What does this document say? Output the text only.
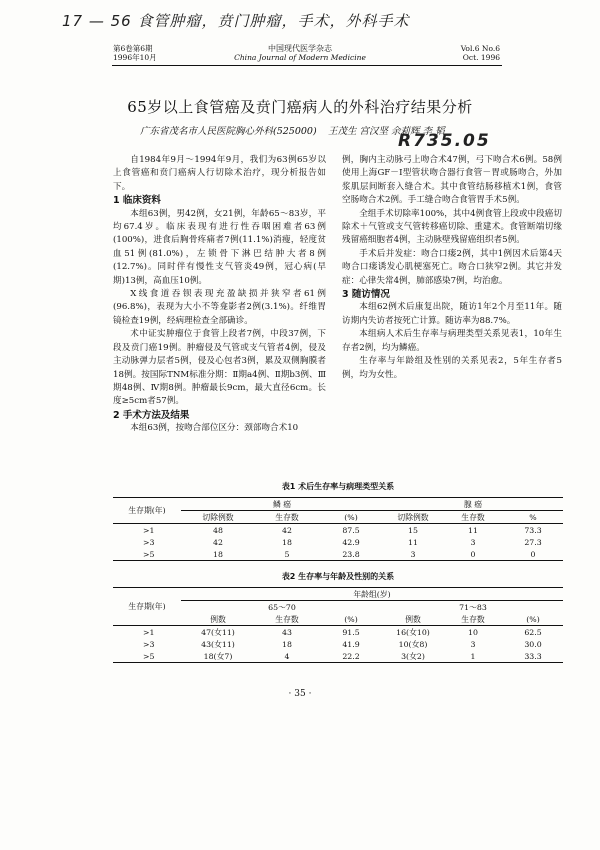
17 — 56 食管肿瘤，贲门肿瘤，手术，外科手术
R735.05
第6卷第6期
1996年10月
中国现代医学杂志
China Journal of Modern Medicine
Vol.6 No.6
Oct. 1996
65岁以上食管癌及贲门癌病人的外科治疗结果分析
广东省茂名市人民医院胸心外科(525000) 王茂生 宫汉坚 余莉辉 李 韬

自1984年9月～1994年9月，我们为63例65岁以上食管癌和贲门癌病人行切除术治疗，现分析报告如下。

1 临床资料

本组63例，男42例，女21例，年龄65～83岁，平均67.4岁。临床表现有进行性吞咽困难者63例(100%)，进食后胸骨疼痛者7例(11.1%)消瘦，轻度贫血51例(81.0%)，左锁骨下淋巴结肿大者8例(12.7%)。同时伴有慢性支气管炎49例，冠心病(早期)13例，高血压10例。

X线食道吞钡表现充盈缺损并狭窄者61例(96.8%)，表现为大小不等龛影者2例(3.1%)。纤维胃镜检查19例，经病理检查全部确诊。

术中证实肿瘤位于食管上段者7例，中段37例，下段及贲门癌19例。肿瘤侵及气管或支气管者4例，侵及主动脉弹力层者5例，侵及心包者3例，累及双侧胸膜者18例。按国际TNM标准分期：Ⅱ期a4例、Ⅱ期b3例、Ⅲ期48例、Ⅳ期8例。肿瘤最长9cm，最大直径6cm。长度≥5cm者57例。

2 手术方法及结果

本组63例，按吻合部位区分：颈部吻合术10

例，胸内主动脉弓上吻合术47例，弓下吻合术6例。58例使用上海GF－Ⅰ型管状吻合器行食管－胃或肠吻合，外加浆肌层间断套入缝合术。其中食管结肠移植术1例，食管空肠吻合术2例。手工缝合吻合食管胃手术5例。

全组手术切除率100%，其中4例食管上段或中段癌切除术＋气管或支气管转移癌切除、重建术。食管断端切缘残留癌细胞者4例，主动脉壁残留癌组织者5例。

手术后并发症：吻合口瘘2例，其中1例因术后第4天吻合口瘘诱发心肌梗塞死亡。吻合口狭窄2例。其它并发症：心律失常4例，肺部感染7例，均治愈。

3 随访情况

本组62例术后康复出院，随访1年2个月至11年。随访期内失访者按死亡计算。随访率为88.7%。

本组病人术后生存率与病理类型关系见表1，10年生存者2例，均为鳞癌。

生存率与年龄组及性别的关系见表2，5年生存者5例，均为女性。

表1 术后生存率与病理类型关系
生存期(年)	鳞 癌			腺 癌		
	切除例数	生存数	(%)	切除例数	生存数	%
>1	48	42	87.5	15	11	73.3
>3	42	18	42.9	11	3	27.3
>5	18	5	23.8	3	0	0
表2 生存率与年龄及性别的关系
生存期(年)	年龄组(岁)					
	65～70			71～83		
	例数	生存数	(%)	例数	生存数	(%)
>1	47(女11)	43	91.5	16(女10)	10	62.5
>3	43(女11)	18	41.9	10(女8)	3	30.0
>5	18(女7)	4	22.2	3(女2)	1	33.3
· 35 ·
